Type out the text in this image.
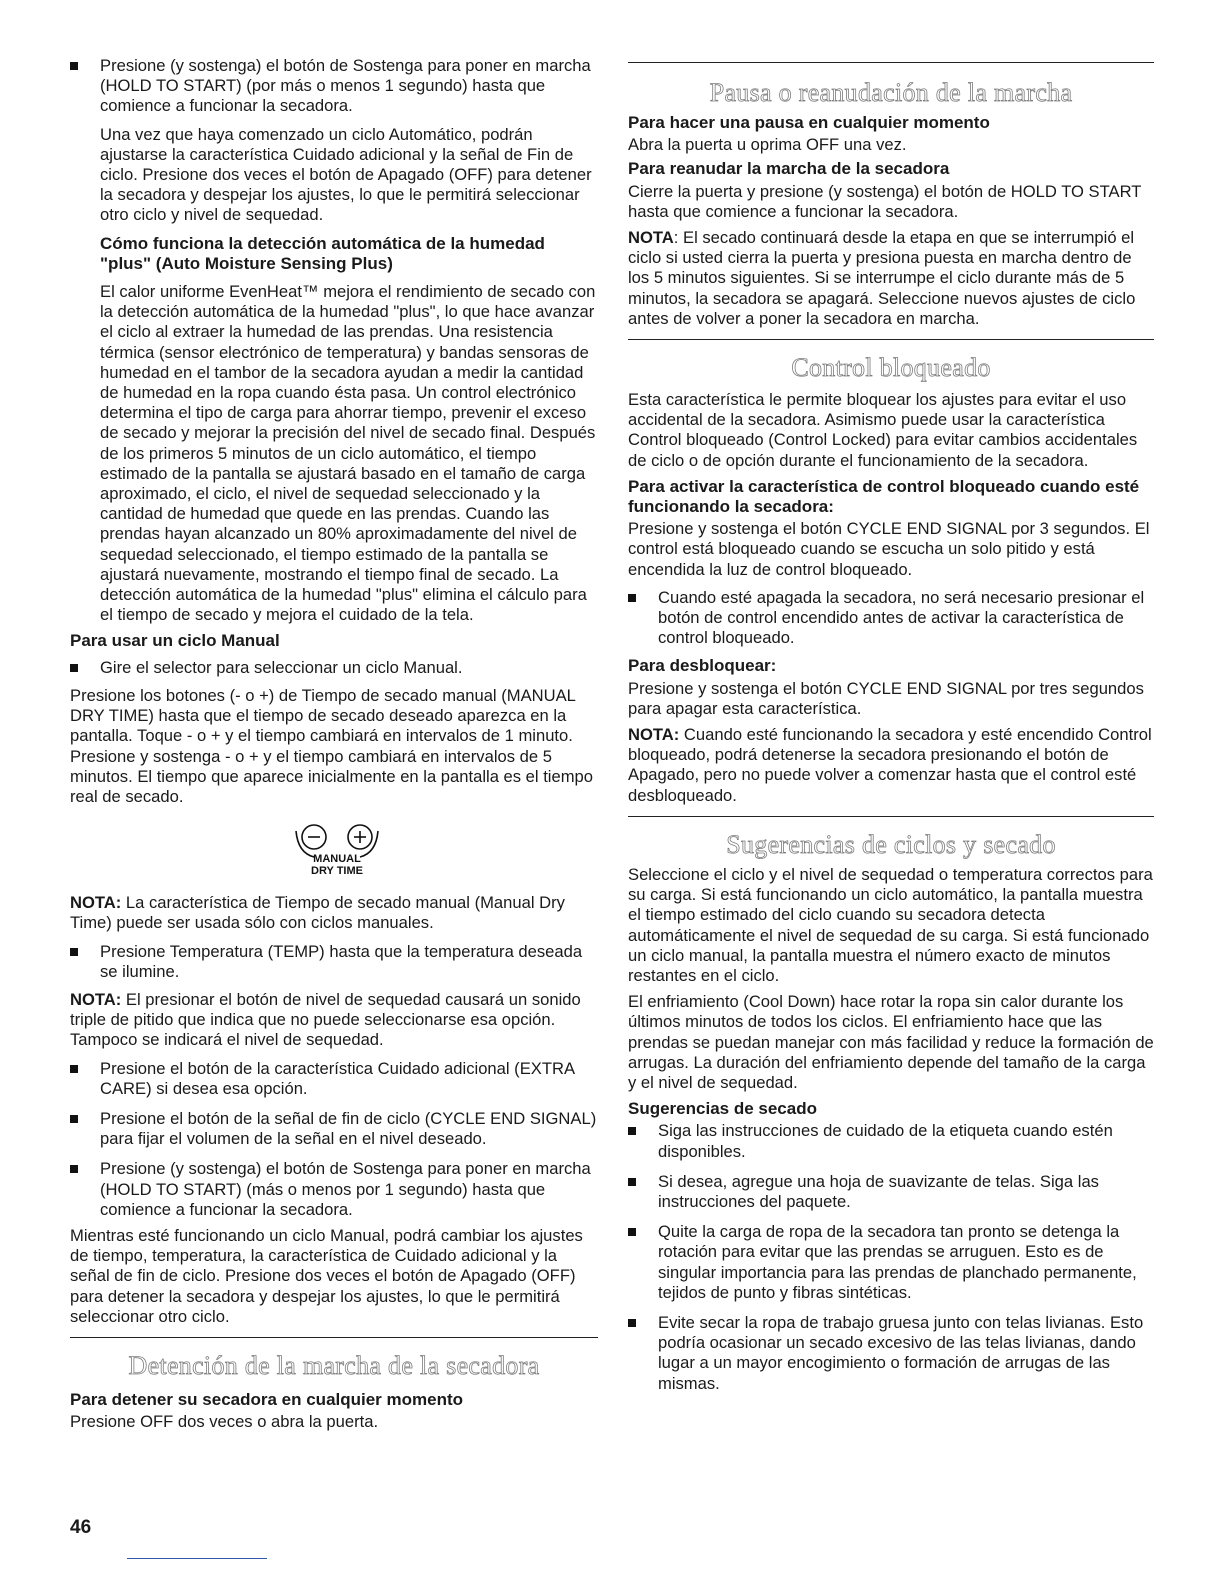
Presione (y sostenga) el botón de Sostenga para poner en marcha (HOLD TO START) (por más o menos 1 segundo) hasta que comience a funcionar la secadora.

Una vez que haya comenzado un ciclo Automático, podrán ajustarse la característica Cuidado adicional y la señal de Fin de ciclo. Presione dos veces el botón de Apagado (OFF) para detener la secadora y despejar los ajustes, lo que le permitirá seleccionar otro ciclo y nivel de sequedad.

Cómo funciona la detección automática de la humedad "plus" (Auto Moisture Sensing Plus)

El calor uniforme EvenHeat™ mejora el rendimiento de secado con la detección automática de la humedad "plus", lo que hace avanzar el ciclo al extraer la humedad de las prendas. Una resistencia térmica (sensor electrónico de temperatura) y bandas sensoras de humedad en el tambor de la secadora ayudan a medir la cantidad de humedad en la ropa cuando ésta pasa. Un control electrónico determina el tipo de carga para ahorrar tiempo, prevenir el exceso de secado y mejorar la precisión del nivel de secado final. Después de los primeros 5 minutos de un ciclo automático, el tiempo estimado de la pantalla se ajustará basado en el tamaño de carga aproximado, el ciclo, el nivel de sequedad seleccionado y la cantidad de humedad que quede en las prendas. Cuando las prendas hayan alcanzado un 80% aproximadamente del nivel de sequedad seleccionado, el tiempo estimado de la pantalla se ajustará nuevamente, mostrando el tiempo final de secado. La detección automática de la humedad "plus" elimina el cálculo para el tiempo de secado y mejora el cuidado de la tela.

Para usar un ciclo Manual

Gire el selector para seleccionar un ciclo Manual.

Presione los botones (- o +) de Tiempo de secado manual (MANUAL DRY TIME) hasta que el tiempo de secado deseado aparezca en la pantalla. Toque - o + y el tiempo cambiará en intervalos de 1 minuto. Presione y sostenga - o + y el tiempo cambiará en intervalos de 5 minutos. El tiempo que aparece inicialmente en la pantalla es el tiempo real de secado.

MANUAL
DRY TIME

NOTA: La característica de Tiempo de secado manual (Manual Dry Time) puede ser usada sólo con ciclos manuales.

Presione Temperatura (TEMP) hasta que la temperatura deseada se ilumine.

NOTA: El presionar el botón de nivel de sequedad causará un sonido triple de pitido que indica que no puede seleccionarse esa opción. Tampoco se indicará el nivel de sequedad.

Presione el botón de la característica Cuidado adicional (EXTRA CARE) si desea esa opción.

Presione el botón de la señal de fin de ciclo (CYCLE END SIGNAL) para fijar el volumen de la señal en el nivel deseado.

Presione (y sostenga) el botón de Sostenga para poner en marcha (HOLD TO START) (más o menos por 1 segundo) hasta que comience a funcionar la secadora.

Mientras esté funcionando un ciclo Manual, podrá cambiar los ajustes de tiempo, temperatura, la característica de Cuidado adicional y la señal de fin de ciclo. Presione dos veces el botón de Apagado (OFF) para detener la secadora y despejar los ajustes, lo que le permitirá seleccionar otro ciclo.

Detención de la marcha de la secadora

Para detener su secadora en cualquier momento

Presione OFF dos veces o abra la puerta.

Pausa o reanudación de la marcha

Para hacer una pausa en cualquier momento

Abra la puerta u oprima OFF una vez.

Para reanudar la marcha de la secadora

Cierre la puerta y presione (y sostenga) el botón de HOLD TO START hasta que comience a funcionar la secadora.

NOTA: El secado continuará desde la etapa en que se interrumpió el ciclo si usted cierra la puerta y presiona puesta en marcha dentro de los 5 minutos siguientes. Si se interrumpe el ciclo durante más de 5 minutos, la secadora se apagará. Seleccione nuevos ajustes de ciclo antes de volver a poner la secadora en marcha.

Control bloqueado

Esta característica le permite bloquear los ajustes para evitar el uso accidental de la secadora. Asimismo puede usar la característica Control bloqueado (Control Locked) para evitar cambios accidentales de ciclo o de opción durante el funcionamiento de la secadora.

Para activar la característica de control bloqueado cuando esté funcionando la secadora:

Presione y sostenga el botón CYCLE END SIGNAL por 3 segundos. El control está bloqueado cuando se escucha un solo pitido y está encendida la luz de control bloqueado.

Cuando esté apagada la secadora, no será necesario presionar el botón de control encendido antes de activar la característica de control bloqueado.

Para desbloquear:

Presione y sostenga el botón CYCLE END SIGNAL por tres segundos para apagar esta característica.

NOTA: Cuando esté funcionando la secadora y esté encendido Control bloqueado, podrá detenerse la secadora presionando el botón de Apagado, pero no puede volver a comenzar hasta que el control esté desbloqueado.

Sugerencias de ciclos y secado

Seleccione el ciclo y el nivel de sequedad o temperatura correctos para su carga. Si está funcionando un ciclo automático, la pantalla muestra el tiempo estimado del ciclo cuando su secadora detecta automáticamente el nivel de sequedad de su carga. Si está funcionado un ciclo manual, la pantalla muestra el número exacto de minutos restantes en el ciclo.

El enfriamiento (Cool Down) hace rotar la ropa sin calor durante los últimos minutos de todos los ciclos. El enfriamiento hace que las prendas se puedan manejar con más facilidad y reduce la formación de arrugas. La duración del enfriamiento depende del tamaño de la carga y el nivel de sequedad.

Sugerencias de secado

Siga las instrucciones de cuidado de la etiqueta cuando estén disponibles.

Si desea, agregue una hoja de suavizante de telas. Siga las instrucciones del paquete.

Quite la carga de ropa de la secadora tan pronto se detenga la rotación para evitar que las prendas se arruguen. Esto es de singular importancia para las prendas de planchado permanente, tejidos de punto y fibras sintéticas.

Evite secar la ropa de trabajo gruesa junto con telas livianas. Esto podría ocasionar un secado excesivo de las telas livianas, dando lugar a un mayor encogimiento o formación de arrugas de las mismas.

46
